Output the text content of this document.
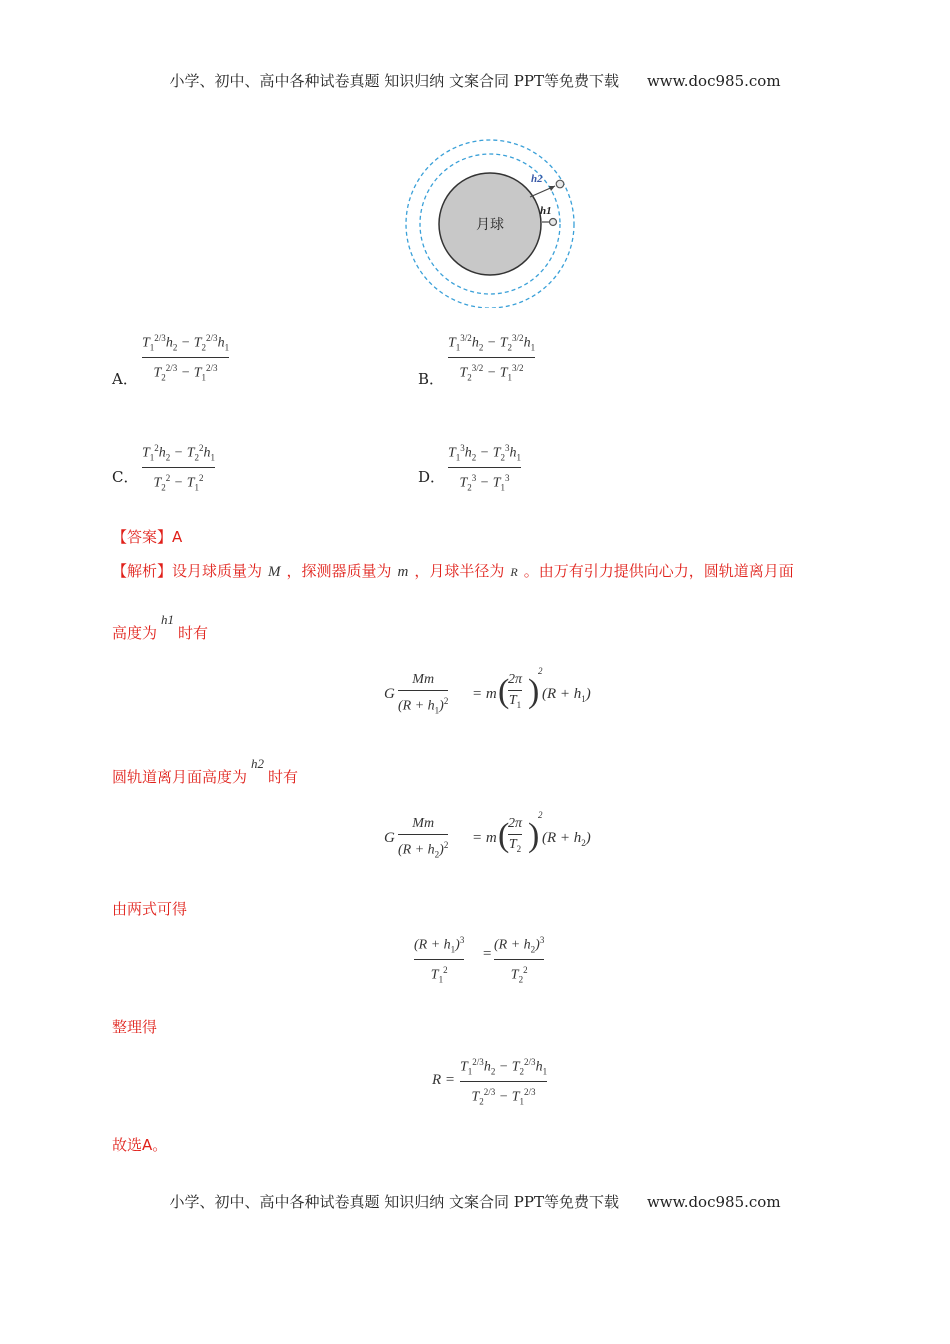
小学、初中、高中各种试卷真题 知识归纳 文案合同 PPT等免费下载 www.doc985.com
月球
h2
h1
A．
$T_1^{2/3}h_2 - T_2^{2/3}h_1$
$T_2^{2/3} - T_1^{2/3}$
B．
$T_1^{3/2}h_2 - T_2^{3/2}h_1$
$T_2^{3/2} - T_1^{3/2}$
C．
$T_1^2h_2 - T_2^2h_1$
$T_2^2 - T_1^2$	D．
$T_1^3h_2 - T_2^3h_1$
$T_2^3 - T_1^3$
【答案】A
【解析】设月球质量为 M ，探测器质量为 m ，月球半径为 R 。由万有引力提供向心力，圆轨道离月面
高度为h1时有
G
Mm
$(R + h_1)^2 = m$ (
2π
$T_1$ )
2
$(R + h_1)$
圆轨道离月面高度为h2时有
G
Mm
$(R + h_2)^2 = m$ (
2π
$T_2$ )
2
$(R + h_2)$
由两式可得
$(R + h_1)^3$
$T_1^2$
=
$(R + h_2)^3$
$T_2^2$
整理得
R =
$T_1^{2/3}h_2 - T_2^{2/3}h_1$
$T_2^{2/3} - T_1^{2/3}$
故选A。
小学、初中、高中各种试卷真题 知识归纳 文案合同 PPT等免费下载 www.doc985.com
